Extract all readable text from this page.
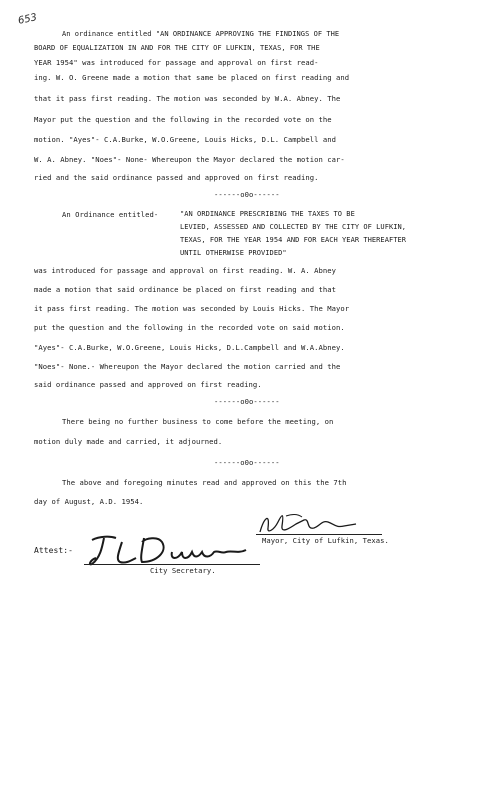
653
An ordinance entitled "AN ORDINANCE APPROVING THE FINDINGS OF THE
BOARD OF EQUALIZATION IN AND FOR THE CITY OF LUFKIN, TEXAS, FOR THE
YEAR 1954" was introduced for passage and approval on first read-
ing. W. O. Greene made a motion that same be placed on first reading and
that it pass first reading. The motion was seconded by W.A. Abney. The
Mayor put the question and the following in the recorded vote on the
motion. "Ayes"- C.A.Burke, W.O.Greene, Louis Hicks, D.L. Campbell and
W. A. Abney. "Noes"- None- Whereupon the Mayor declared the motion car-
ried and the said ordinance passed and approved on first reading.
------o0o------
An Ordinance entitled-	"AN ORDINANCE PRESCRIBING THE TAXES TO BE
LEVIED, ASSESSED AND COLLECTED BY THE CITY OF LUFKIN,
TEXAS, FOR THE YEAR 1954 AND FOR EACH YEAR THEREAFTER
UNTIL OTHERWISE PROVIDED"
was introduced for passage and approval on first reading. W. A. Abney
made a motion that said ordinance be placed on first reading and that
it pass first reading. The motion was seconded by Louis Hicks. The Mayor
put the question and the following in the recorded vote on said motion.
"Ayes"- C.A.Burke, W.O.Greene, Louis Hicks, D.L.Campbell and W.A.Abney.
"Noes"- None.- Whereupon the Mayor declared the motion carried and the
said ordinance passed and approved on first reading.
------o0o------
There being no further business to come before the meeting, on
motion duly made and carried, it adjourned.
------o0o------
The above and foregoing minutes read and approved on this the 7th
day of August, A.D. 1954.
Mayor, City of Lufkin, Texas.
Attest:-
City Secretary.
